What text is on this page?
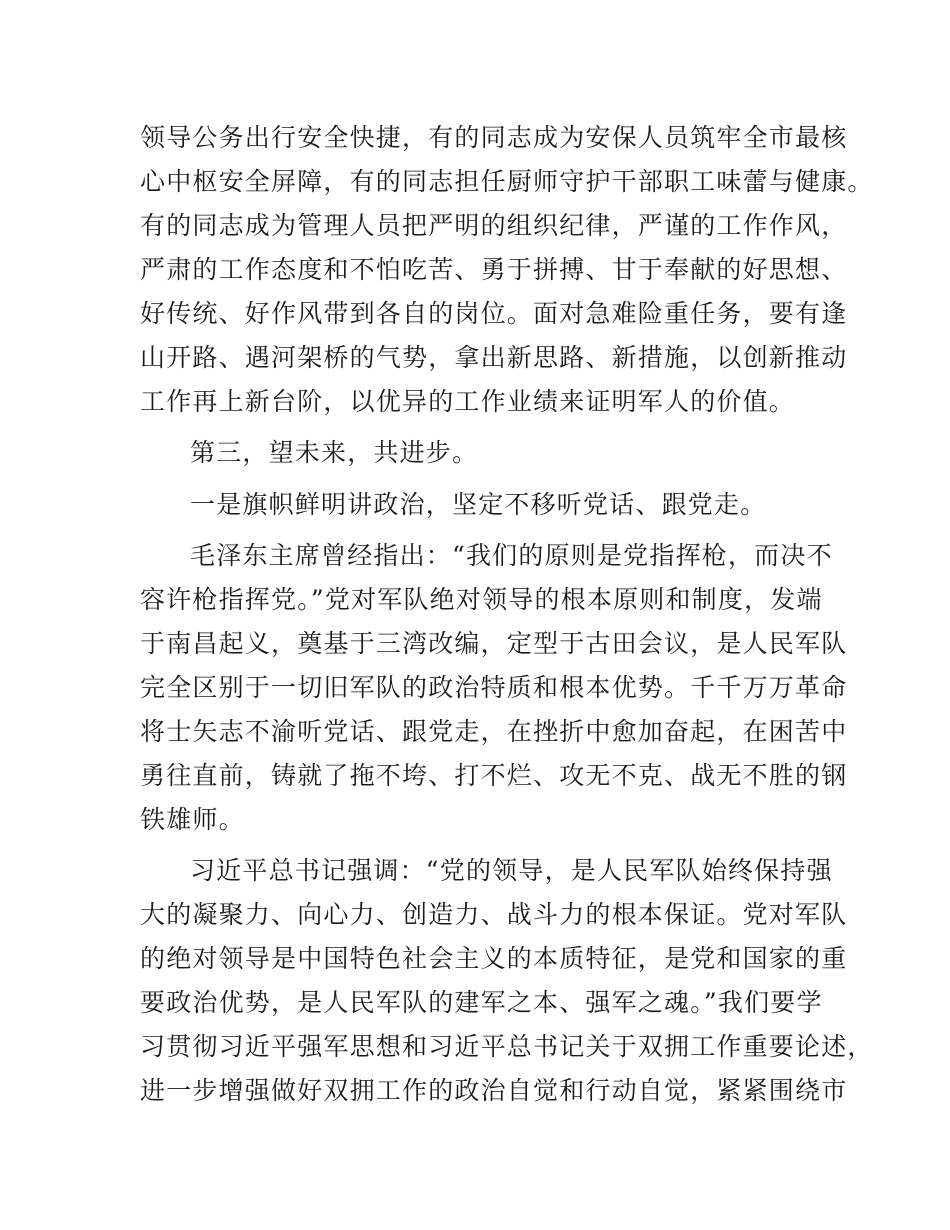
领导公务出行安全快捷，有的同志成为安保人员筑牢全市最核
心中枢安全屏障，有的同志担任厨师守护干部职工味蕾与健康。
有的同志成为管理人员把严明的组织纪律，严谨的工作作风，
严肃的工作态度和不怕吃苦、勇于拼搏、甘于奉献的好思想、
好传统、好作风带到各自的岗位。面对急难险重任务，要有逢
山开路、遇河架桥的气势，拿出新思路、新措施，以创新推动
工作再上新台阶，以优异的工作业绩来证明军人的价值。
第三，望未来，共进步。
一是旗帜鲜明讲政治，坚定不移听党话、跟党走。
毛泽东主席曾经指出：“我们的原则是党指挥枪，而决不
容许枪指挥党。”党对军队绝对领导的根本原则和制度，发端
于南昌起义，奠基于三湾改编，定型于古田会议，是人民军队
完全区别于一切旧军队的政治特质和根本优势。千千万万革命
将士矢志不渝听党话、跟党走，在挫折中愈加奋起，在困苦中
勇往直前，铸就了拖不垮、打不烂、攻无不克、战无不胜的钢
铁雄师。
习近平总书记强调：“党的领导，是人民军队始终保持强
大的凝聚力、向心力、创造力、战斗力的根本保证。党对军队
的绝对领导是中国特色社会主义的本质特征，是党和国家的重
要政治优势，是人民军队的建军之本、强军之魂。”我们要学
习贯彻习近平强军思想和习近平总书记关于双拥工作重要论述，
进一步增强做好双拥工作的政治自觉和行动自觉，紧紧围绕市
